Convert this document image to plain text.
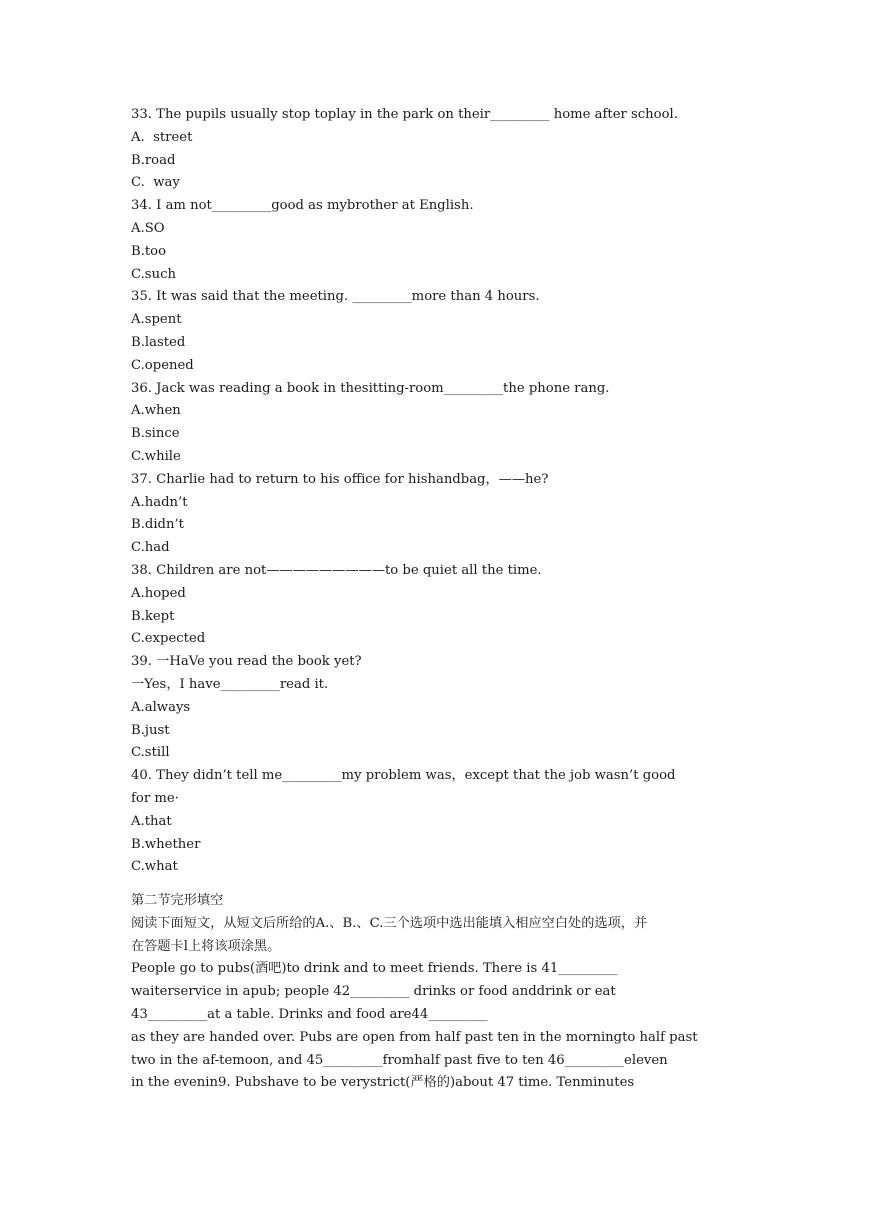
33. The pupils usually stop toplay in the park on their_________ home after school.
A.  street
B.road
C.  way
34. I am not_________good as mybrother at English.
A.SO
B.too
C.such
35. It was said that the meeting. _________more than 4 hours.
A.spent
B.lasted
C.opened
36. Jack was reading a book in thesitting-room_________the phone rang.
A.when
B.since
C.while
37. Charlie had to return to his office for hishandbag，——he?
A.hadn’t
B.didn’t
C.had
38. Children are not—————————to be quiet all the time.
A.hoped
B.kept
C.expected
39. 一HaVe you read the book yet?
一Yes，I have_________read it.
A.always
B.just
C.still
40. They didn’t tell me_________my problem was，except that the job wasn’t good
for me·
A.that
B.whether
C.what
第二节完形填空
阅读下面短文，从短文后所给的A.、B.、C.三个选项中选出能填入相应空白处的选项，并
在答题卡l上将该项涂黑。
People go to pubs(酒吧)to drink and to meet friends. There is 41_________
waiterservice in apub; people 42_________ drinks or food anddrink or eat
43_________at a table. Drinks and food are44_________
as they are handed over. Pubs are open from half past ten in the morningto half past
two in the af-temoon, and 45_________fromhalf past five to ten 46_________eleven
in the evenin9. Pubshave to be verystrict(严格的)about 47 time. Tenminutes
